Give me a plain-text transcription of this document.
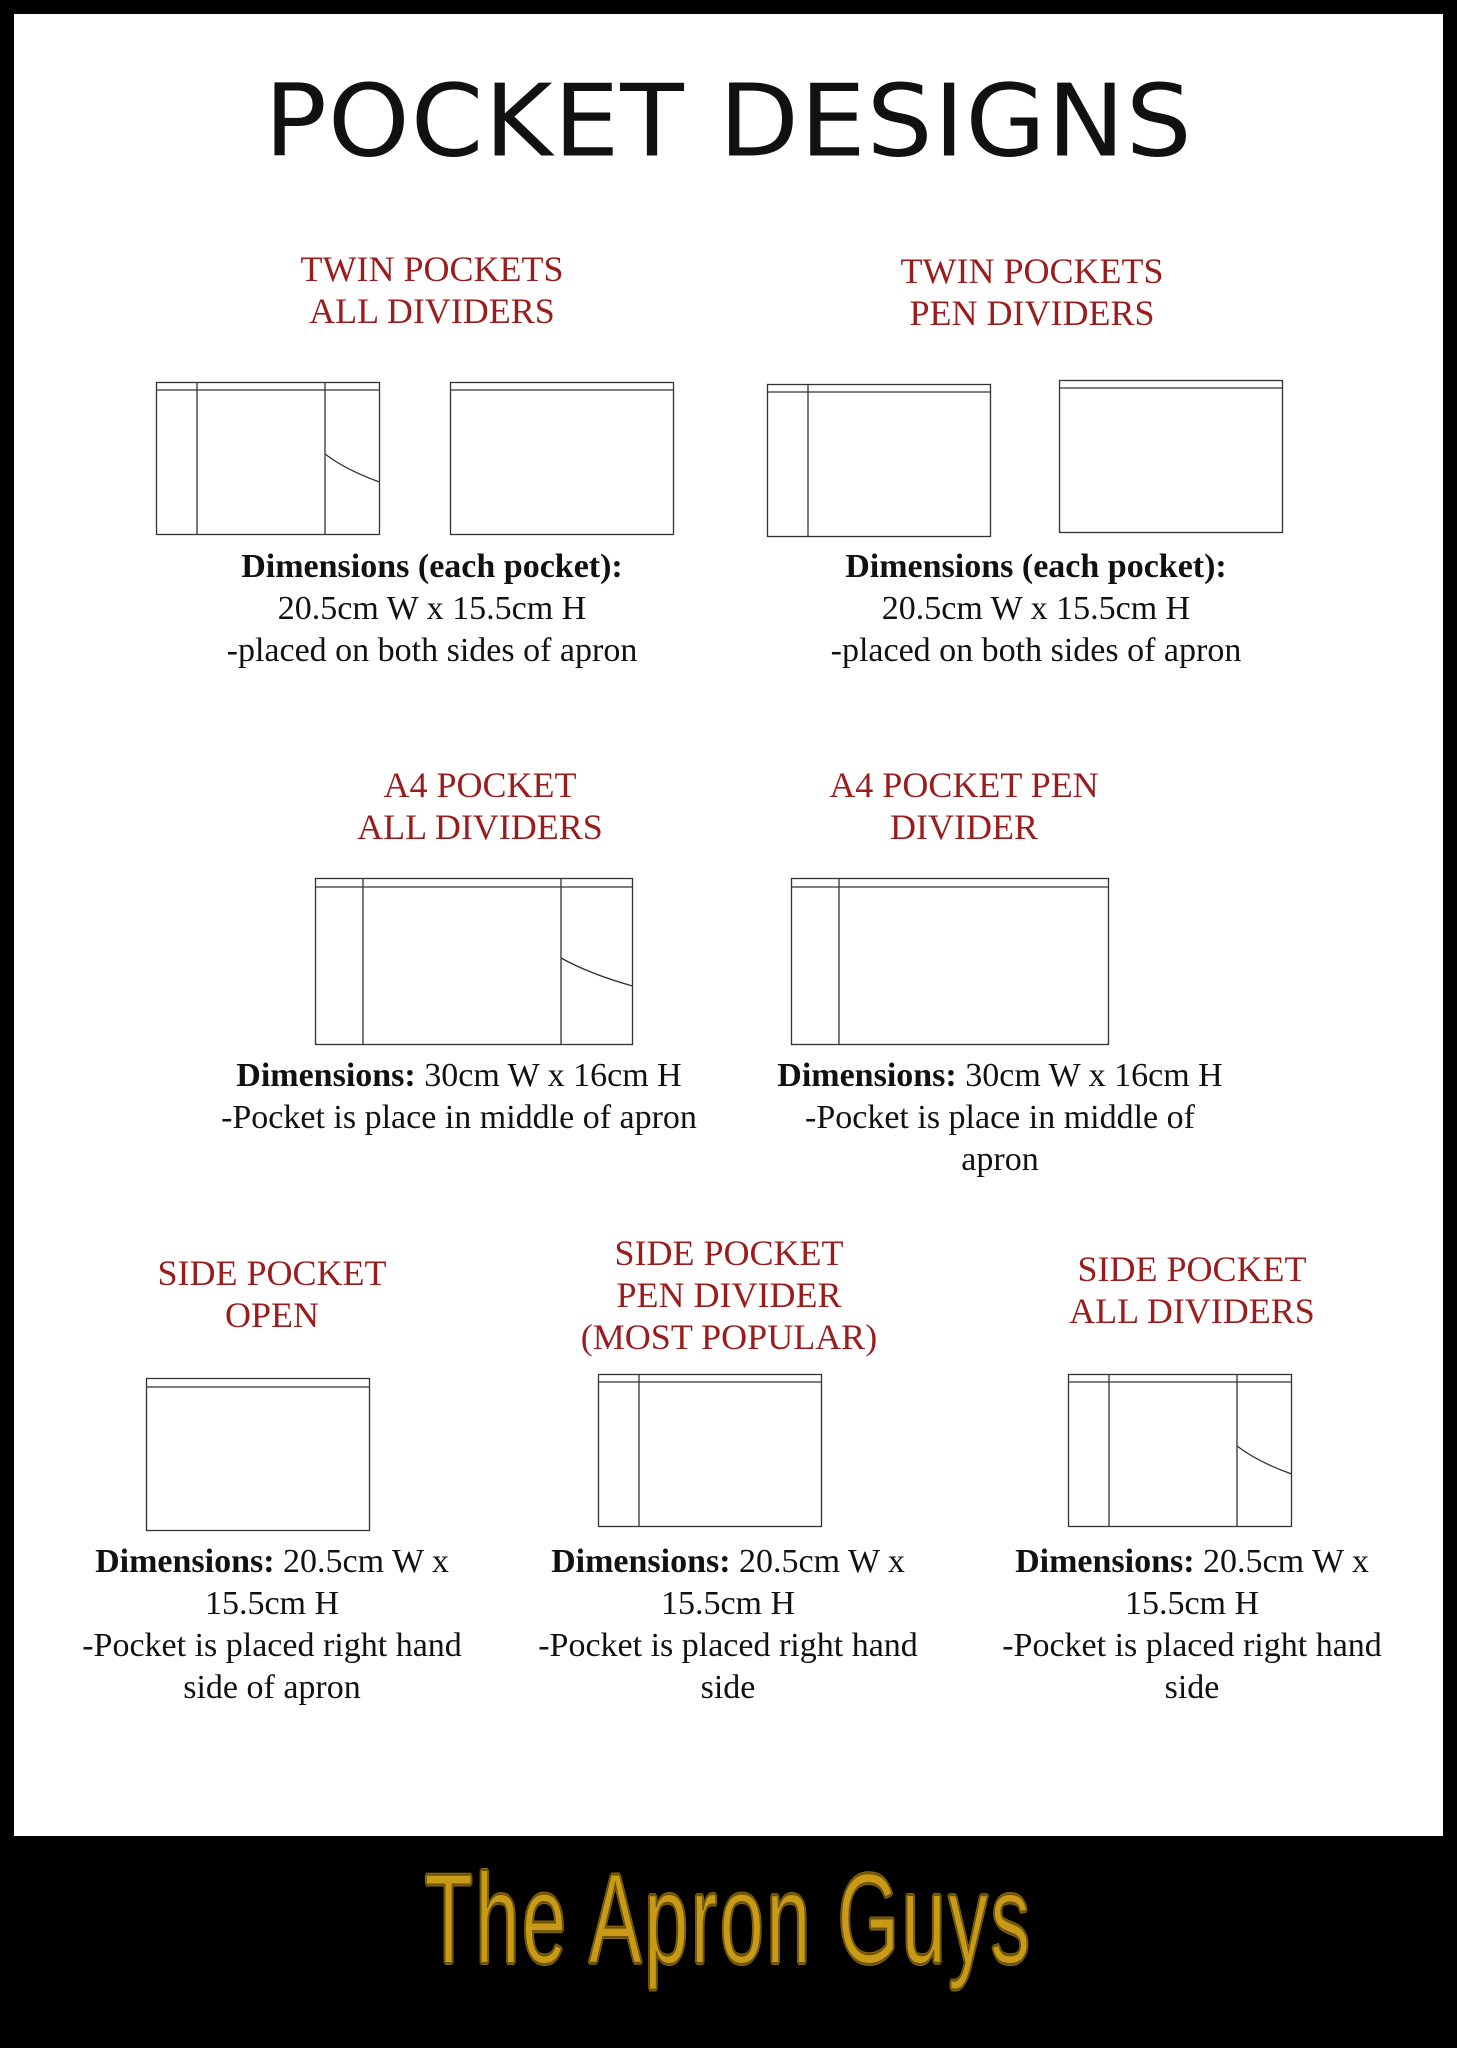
POCKET DESIGNS
TWIN POCKETS
ALL DIVIDERS
Dimensions (each pocket):
20.5cm W x 15.5cm H
-placed on both sides of apron
TWIN POCKETS
PEN DIVIDERS
Dimensions (each pocket):
20.5cm W x 15.5cm H
-placed on both sides of apron
A4 POCKET
ALL DIVIDERS
Dimensions: 30cm W x 16cm H
-Pocket is place in middle of apron
A4 POCKET PEN
DIVIDER
Dimensions: 30cm W x 16cm H
-Pocket is place in middle of
apron
SIDE POCKET
OPEN
Dimensions: 20.5cm W x
15.5cm H
-Pocket is placed right hand
side of apron
SIDE POCKET
PEN DIVIDER
(MOST POPULAR)
Dimensions: 20.5cm W x
15.5cm H
-Pocket is placed right hand
side
SIDE POCKET
ALL DIVIDERS
Dimensions: 20.5cm W x
15.5cm H
-Pocket is placed right hand
side
The Apron Guys
